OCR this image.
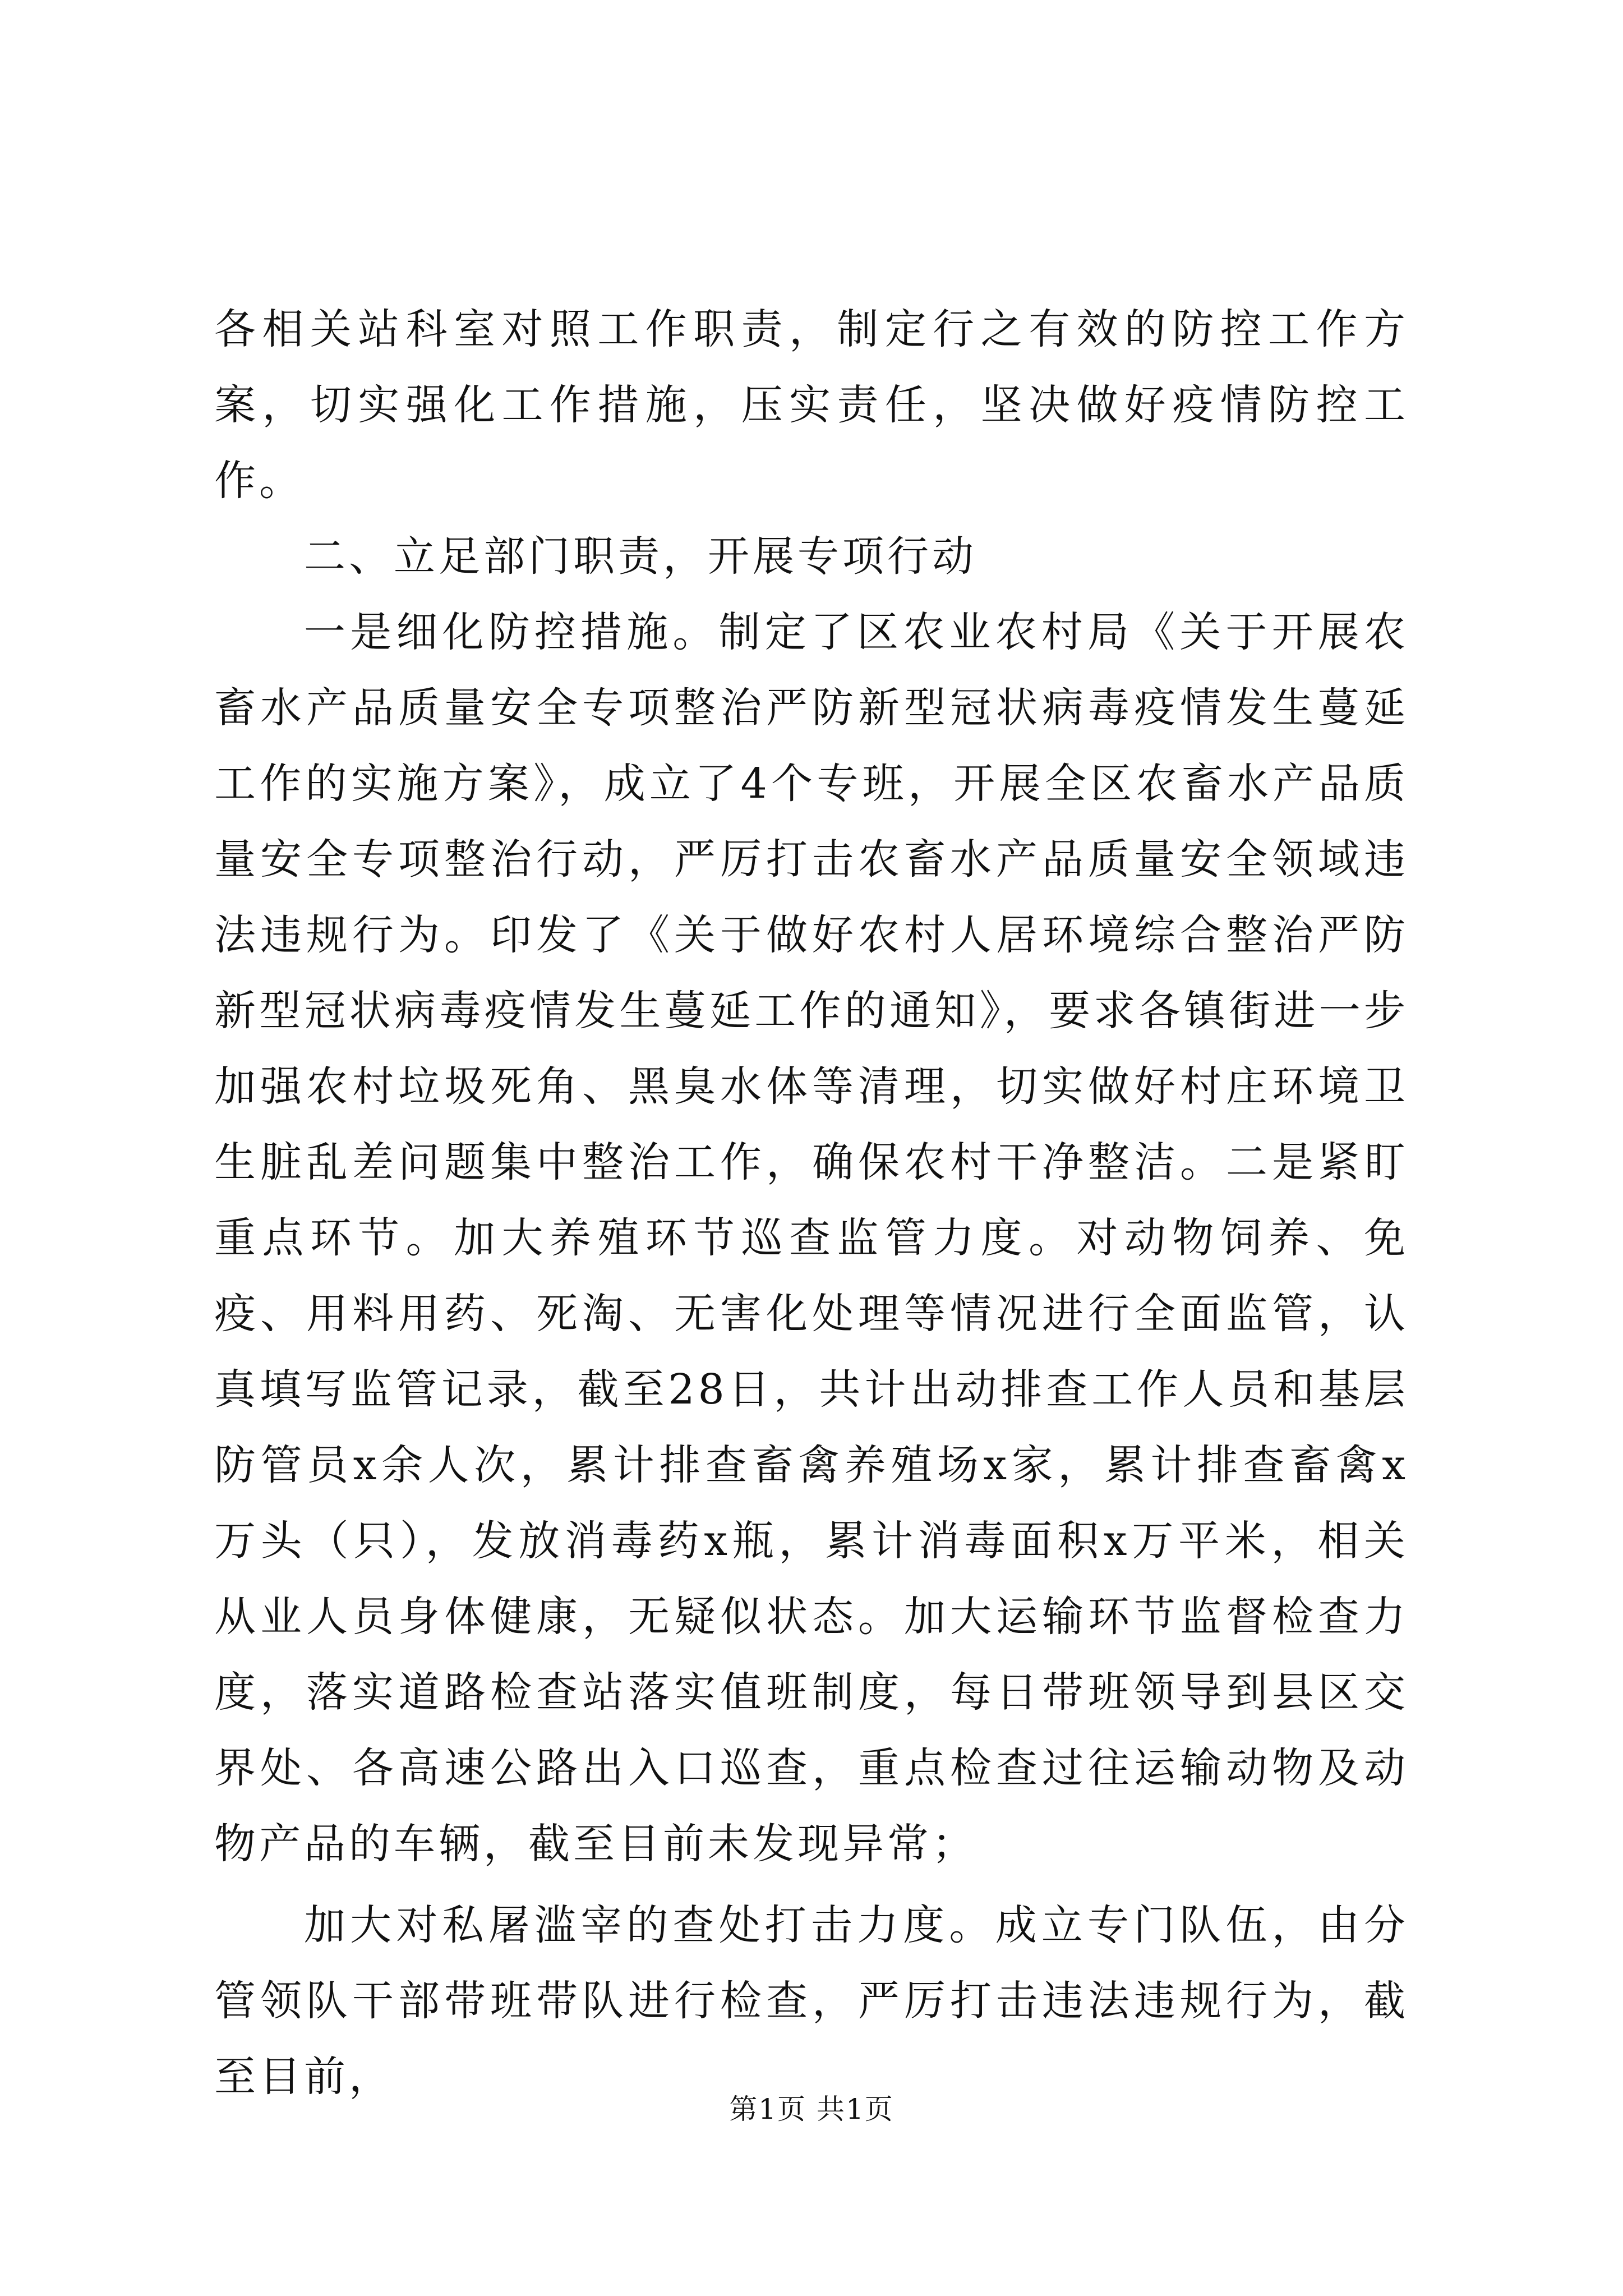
各相关站科室对照工作职责，制定行之有效的防控工作方案，切实强化工作措施，压实责任，坚决做好疫情防控工作。

二、立足部门职责，开展专项行动

一是细化防控措施。制定了区农业农村局《关于开展农畜水产品质量安全专项整治严防新型冠状病毒疫情发生蔓延工作的实施方案》，成立了4个专班，开展全区农畜水产品质量安全专项整治行动，严厉打击农畜水产品质量安全领域违法违规行为。印发了《关于做好农村人居环境综合整治严防新型冠状病毒疫情发生蔓延工作的通知》，要求各镇街进一步加强农村垃圾死角、黑臭水体等清理，切实做好村庄环境卫生脏乱差问题集中整治工作，确保农村干净整洁。二是紧盯重点环节。加大养殖环节巡查监管力度。对动物饲养、免疫、用料用药、死淘、无害化处理等情况进行全面监管，认真填写监管记录，截至28日，共计出动排查工作人员和基层防管员x余人次，累计排查畜禽养殖场x家，累计排查畜禽x万头（只），发放消毒药x瓶，累计消毒面积x万平米，相关从业人员身体健康，无疑似状态。加大运输环节监督检查力度，落实道路检查站落实值班制度，每日带班领导到县区交界处、各高速公路出入口巡查，重点检查过往运输动物及动物产品的车辆，截至目前未发现异常；

加大对私屠滥宰的查处打击力度。成立专门队伍，由分管领队干部带班带队进行检查，严厉打击违法违规行为，截至目前，

第1页 共1页
